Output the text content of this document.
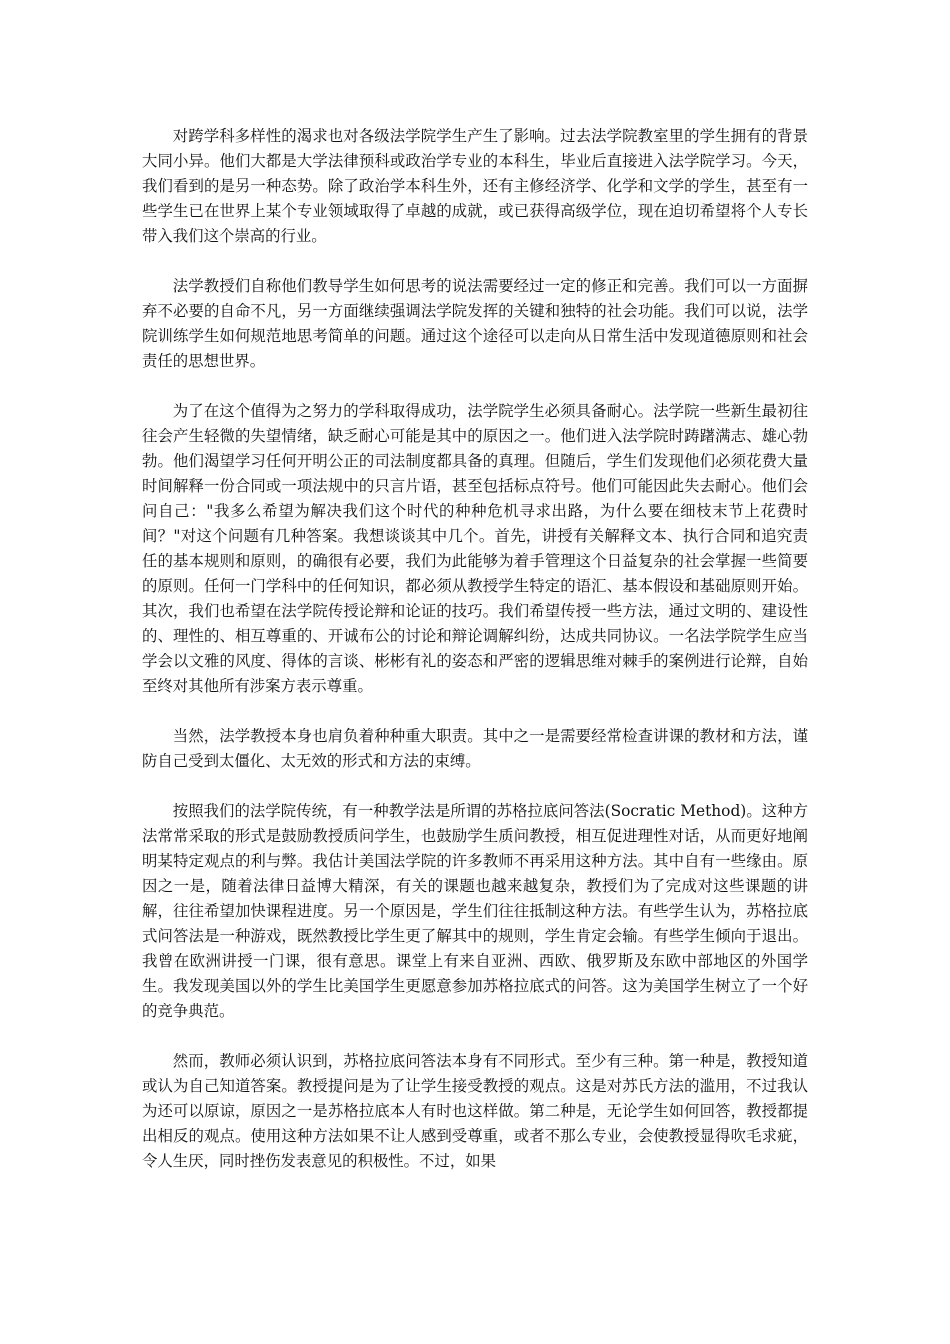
对跨学科多样性的渴求也对各级法学院学生产生了影响。过去法学院教室里的学生拥有的背景大同小异。他们大都是大学法律预科或政治学专业的本科生，毕业后直接进入法学院学习。今天，我们看到的是另一种态势。除了政治学本科生外，还有主修经济学、化学和文学的学生，甚至有一些学生已在世界上某个专业领域取得了卓越的成就，或已获得高级学位，现在迫切希望将个人专长带入我们这个崇高的行业。

法学教授们自称他们教导学生如何思考的说法需要经过一定的修正和完善。我们可以一方面摒弃不必要的自命不凡，另一方面继续强调法学院发挥的关键和独特的社会功能。我们可以说，法学院训练学生如何规范地思考简单的问题。通过这个途径可以走向从日常生活中发现道德原则和社会责任的思想世界。

为了在这个值得为之努力的学科取得成功，法学院学生必须具备耐心。法学院一些新生最初往往会产生轻微的失望情绪，缺乏耐心可能是其中的原因之一。他们进入法学院时踌躇满志、雄心勃勃。他们渴望学习任何开明公正的司法制度都具备的真理。但随后，学生们发现他们必须花费大量时间解释一份合同或一项法规中的只言片语，甚至包括标点符号。他们可能因此失去耐心。他们会问自己："我多么希望为解决我们这个时代的种种危机寻求出路，为什么要在细枝末节上花费时间？"对这个问题有几种答案。我想谈谈其中几个。首先，讲授有关解释文本、执行合同和追究责任的基本规则和原则，的确很有必要，我们为此能够为着手管理这个日益复杂的社会掌握一些简要的原则。任何一门学科中的任何知识，都必须从教授学生特定的语汇、基本假设和基础原则开始。其次，我们也希望在法学院传授论辩和论证的技巧。我们希望传授一些方法，通过文明的、建设性的、理性的、相互尊重的、开诚布公的讨论和辩论调解纠纷，达成共同协议。一名法学院学生应当学会以文雅的风度、得体的言谈、彬彬有礼的姿态和严密的逻辑思维对棘手的案例进行论辩，自始至终对其他所有涉案方表示尊重。

当然，法学教授本身也肩负着种种重大职责。其中之一是需要经常检查讲课的教材和方法，谨防自己受到太僵化、太无效的形式和方法的束缚。

按照我们的法学院传统，有一种教学法是所谓的苏格拉底问答法(Socratic Method)。这种方法常常采取的形式是鼓励教授质问学生，也鼓励学生质问教授，相互促进理性对话，从而更好地阐明某特定观点的利与弊。我估计美国法学院的许多教师不再采用这种方法。其中自有一些缘由。原因之一是，随着法律日益博大精深，有关的课题也越来越复杂，教授们为了完成对这些课题的讲解，往往希望加快课程进度。另一个原因是，学生们往往抵制这种方法。有些学生认为，苏格拉底式问答法是一种游戏，既然教授比学生更了解其中的规则，学生肯定会输。有些学生倾向于退出。我曾在欧洲讲授一门课，很有意思。课堂上有来自亚洲、西欧、俄罗斯及东欧中部地区的外国学生。我发现美国以外的学生比美国学生更愿意参加苏格拉底式的问答。这为美国学生树立了一个好的竞争典范。

然而，教师必须认识到，苏格拉底问答法本身有不同形式。至少有三种。第一种是，教授知道或认为自己知道答案。教授提问是为了让学生接受教授的观点。这是对苏氏方法的滥用，不过我认为还可以原谅，原因之一是苏格拉底本人有时也这样做。第二种是，无论学生如何回答，教授都提出相反的观点。使用这种方法如果不让人感到受尊重，或者不那么专业，会使教授显得吹毛求疵，令人生厌，同时挫伤发表意见的积极性。不过，如果
